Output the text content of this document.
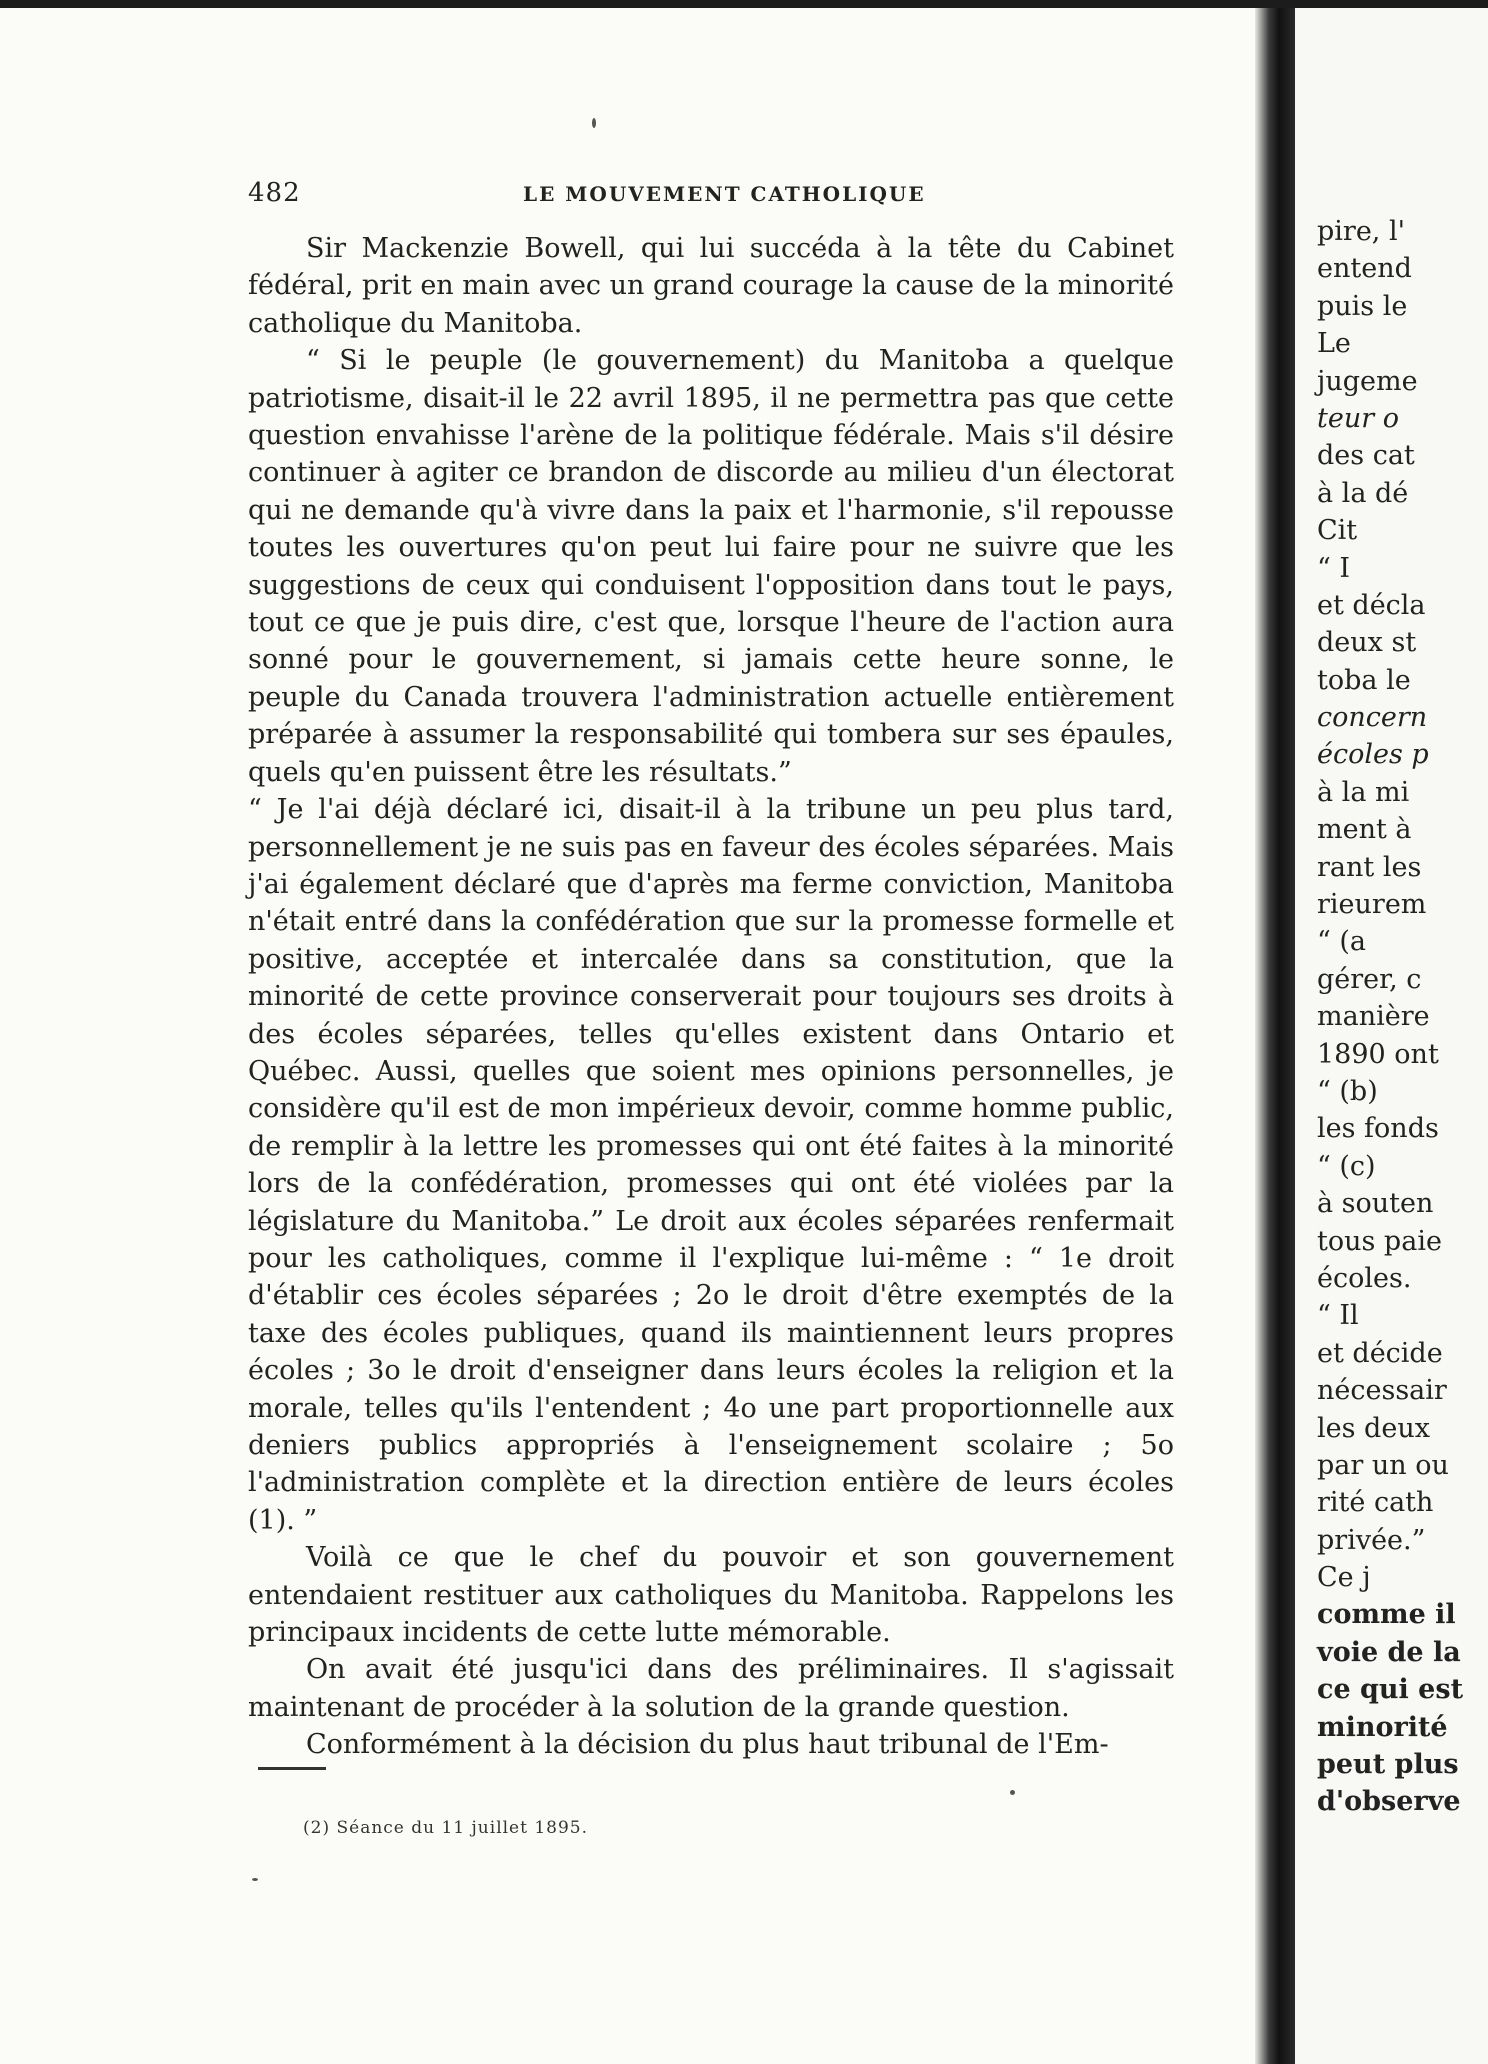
482	LE MOUVEMENT CATHOLIQUE

Sir Mackenzie Bowell, qui lui succéda à la tête du Cabinet fédéral, prit en main avec un grand courage la cause de la minorité catholique du Manitoba.

“ Si le peuple (le gouvernement) du Manitoba a quelque patriotisme, disait-il le 22 avril 1895, il ne permettra pas que cette question envahisse l'arène de la politique fédérale. Mais s'il désire continuer à agiter ce brandon de discorde au milieu d'un électorat qui ne demande qu'à vivre dans la paix et l'harmonie, s'il repousse toutes les ouvertures qu'on peut lui faire pour ne suivre que les suggestions de ceux qui conduisent l'opposition dans tout le pays, tout ce que je puis dire, c'est que, lorsque l'heure de l'action aura sonné pour le gouvernement, si jamais cette heure sonne, le peuple du Canada trouvera l'administration actuelle entièrement préparée à assumer la responsabilité qui tombera sur ses épaules, quels qu'en puissent être les résultats.”

“ Je l'ai déjà déclaré ici, disait-il à la tribune un peu plus tard, personnellement je ne suis pas en faveur des écoles séparées. Mais j'ai également déclaré que d'après ma ferme conviction, Manitoba n'était entré dans la confédération que sur la promesse formelle et positive, acceptée et intercalée dans sa constitution, que la minorité de cette province conserverait pour toujours ses droits à des écoles séparées, telles qu'elles existent dans Ontario et Québec. Aussi, quelles que soient mes opinions personnelles, je considère qu'il est de mon impérieux devoir, comme homme public, de remplir à la lettre les promesses qui ont été faites à la minorité lors de la confédération, promesses qui ont été violées par la législature du Manitoba.” Le droit aux écoles séparées renfermait pour les catholiques, comme il l'explique lui-même : “ 1e droit d'établir ces écoles séparées ; 2o le droit d'être exemptés de la taxe des écoles publiques, quand ils maintiennent leurs propres écoles ; 3o le droit d'enseigner dans leurs écoles la religion et la morale, telles qu'ils l'entendent ; 4o une part proportionnelle aux deniers publics appropriés à l'enseignement scolaire ; 5o l'administration complète et la direction entière de leurs écoles (1). ”

Voilà ce que le chef du pouvoir et son gouvernement entendaient restituer aux catholiques du Manitoba. Rappelons les principaux incidents de cette lutte mémorable.

On avait été jusqu'ici dans des préliminaires. Il s'agissait maintenant de procéder à la solution de la grande question.

Conformément à la décision du plus haut tribunal de l'Em-

(2) Séance du 11 juillet 1895.
pire, l'
entend
puis le
Le
jugeme
teur o
des cat
à la dé
Cit
“ I
et décla
deux st
toba le
concern
écoles p
à la mi
ment à
rant les
rieurem
“ (a
gérer, c
manière
1890 ont
“ (b)
les fonds
“ (c)
à souten
tous paie
écoles.
“ Il
et décide
nécessair
les deux
par un ou
rité cath
privée.”
Ce j
comme il
voie de la
ce qui est
minorité
peut plus
d'observe
